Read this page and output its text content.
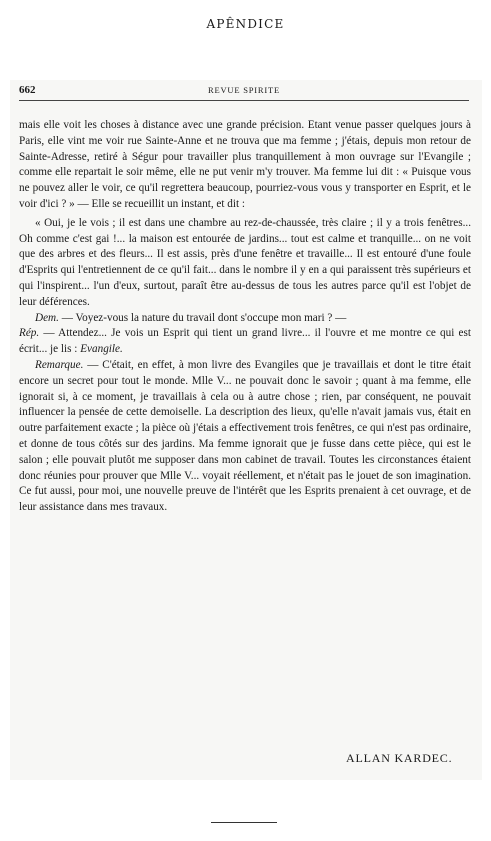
APÊNDICE
662	REVUE SPIRITE

mais elle voit les choses à distance avec une grande précision. Etant venue passer quelques jours à Paris, elle vint me voir rue Sainte-Anne et ne trouva que ma femme ; j'étais, depuis mon retour de Sainte-Adresse, retiré à Ségur pour travailler plus tranquillement à mon ouvrage sur l'Evangile ; comme elle repartait le soir même, elle ne put venir m'y trouver. Ma femme lui dit : « Puisque vous ne pouvez aller le voir, ce qu'il regrettera beaucoup, pourriez-vous vous y transporter en Esprit, et le voir d'ici ? » — Elle se recueillit un instant, et dit :

« Oui, je le vois ; il est dans une chambre au rez-de-chaussée, très claire ; il y a trois fenêtres... Oh comme c'est gai !... la maison est entourée de jardins... tout est calme et tranquille... on ne voit que des arbres et des fleurs... Il est assis, près d'une fenêtre et travaille... Il est entouré d'une foule d'Esprits qui l'entretiennent de ce qu'il fait... dans le nombre il y en a qui paraissent très supérieurs et qui l'inspirent... l'un d'eux, surtout, paraît être au-dessus de tous les autres parce qu'il est l'objet de leur déférences.

Dem. — Voyez-vous la nature du travail dont s'occupe mon mari ? —

Rép. — Attendez... Je vois un Esprit qui tient un grand livre... il l'ouvre et me montre ce qui est écrit... je lis : Evangile.

Remarque. — C'était, en effet, à mon livre des Evangiles que je travaillais et dont le titre était encore un secret pour tout le monde. Mlle V... ne pouvait donc le savoir ; quant à ma femme, elle ignorait si, à ce moment, je travaillais à cela ou à autre chose ; rien, par conséquent, ne pouvait influencer la pensée de cette demoiselle. La description des lieux, qu'elle n'avait jamais vus, était en outre parfaitement exacte ; la pièce où j'étais a effectivement trois fenêtres, ce qui n'est pas ordinaire, et donne de tous côtés sur des jardins. Ma femme ignorait que je fusse dans cette pièce, qui est le salon ; elle pouvait plutôt me supposer dans mon cabinet de travail. Toutes les circonstances étaient donc réunies pour prouver que Mlle V... voyait réellement, et n'était pas le jouet de son imagination. Ce fut aussi, pour moi, une nouvelle preuve de l'intérêt que les Esprits prenaient à cet ouvrage, et de leur assistance dans mes travaux.

ALLAN KARDEC.
